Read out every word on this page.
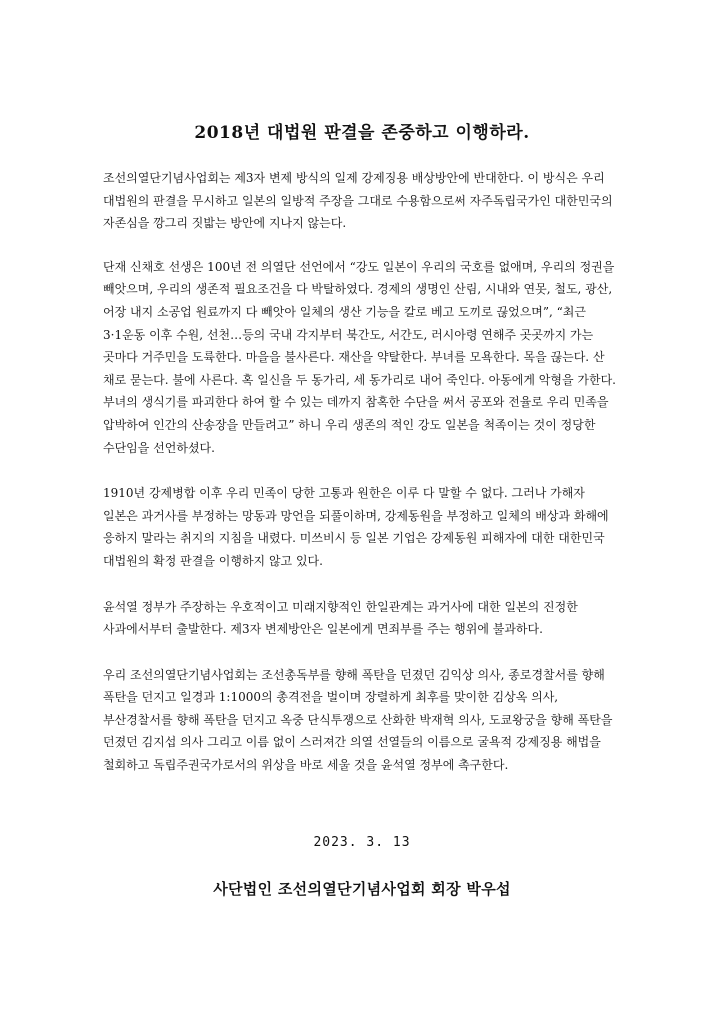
2018년 대법원 판결을 존중하고 이행하라.

조선의열단기념사업회는 제3자 변제 방식의 일제 강제징용 배상방안에 반대한다. 이 방식은 우리 대법원의 판결을 무시하고 일본의 일방적 주장을 그대로 수용함으로써 자주독립국가인 대한민국의 자존심을 깡그리 짓밟는 방안에 지나지 않는다.

단재 신채호 선생은 100년 전 의열단 선언에서 “강도 일본이 우리의 국호를 없애며, 우리의 정권을 빼앗으며, 우리의 생존적 필요조건을 다 박탈하였다. 경제의 생명인 산림, 시내와 연못, 철도, 광산, 어장 내지 소공업 원료까지 다 빼앗아 일체의 생산 기능을 칼로 베고 도끼로 끊었으며”, “최근 3·1운동 이후 수원, 선천…등의 국내 각지부터 북간도, 서간도, 러시아령 연해주 곳곳까지 가는 곳마다 거주민을 도륙한다. 마을을 불사른다. 재산을 약탈한다. 부녀를 모욕한다. 목을 끊는다. 산 채로 묻는다. 불에 사른다. 혹 일신을 두 동가리, 세 동가리로 내어 죽인다. 아동에게 악형을 가한다. 부녀의 생식기를 파괴한다 하여 할 수 있는 데까지 참혹한 수단을 써서 공포와 전율로 우리 민족을 압박하여 인간의 산송장을 만들려고” 하니 우리 생존의 적인 강도 일본을 척족이는 것이 정당한 수단임을 선언하셨다.

1910년 강제병합 이후 우리 민족이 당한 고통과 원한은 이루 다 말할 수 없다. 그러나 가해자 일본은 과거사를 부정하는 망동과 망언을 되풀이하며, 강제동원을 부정하고 일체의 배상과 화해에 응하지 말라는 취지의 지침을 내렸다. 미쓰비시 등 일본 기업은 강제동원 피해자에 대한 대한민국 대법원의 확정 판결을 이행하지 않고 있다.

윤석열 정부가 주장하는 우호적이고 미래지향적인 한일관계는 과거사에 대한 일본의 진정한 사과에서부터 출발한다. 제3자 변제방안은 일본에게 면죄부를 주는 행위에 불과하다.

우리 조선의열단기념사업회는 조선총독부를 향해 폭탄을 던졌던 김익상 의사, 종로경찰서를 향해 폭탄을 던지고 일경과 1:1000의 총격전을 벌이며 장렬하게 최후를 맞이한 김상옥 의사, 부산경찰서를 향해 폭탄을 던지고 옥중 단식투쟁으로 산화한 박재혁 의사, 도쿄왕궁을 향해 폭탄을 던졌던 김지섭 의사 그리고 이름 없이 스러져간 의열 선열들의 이름으로 굴욕적 강제징용 해법을 철회하고 독립주권국가로서의 위상을 바로 세울 것을 윤석열 정부에 촉구한다.

2023. 3. 13
사단법인 조선의열단기념사업회 회장 박우섭
